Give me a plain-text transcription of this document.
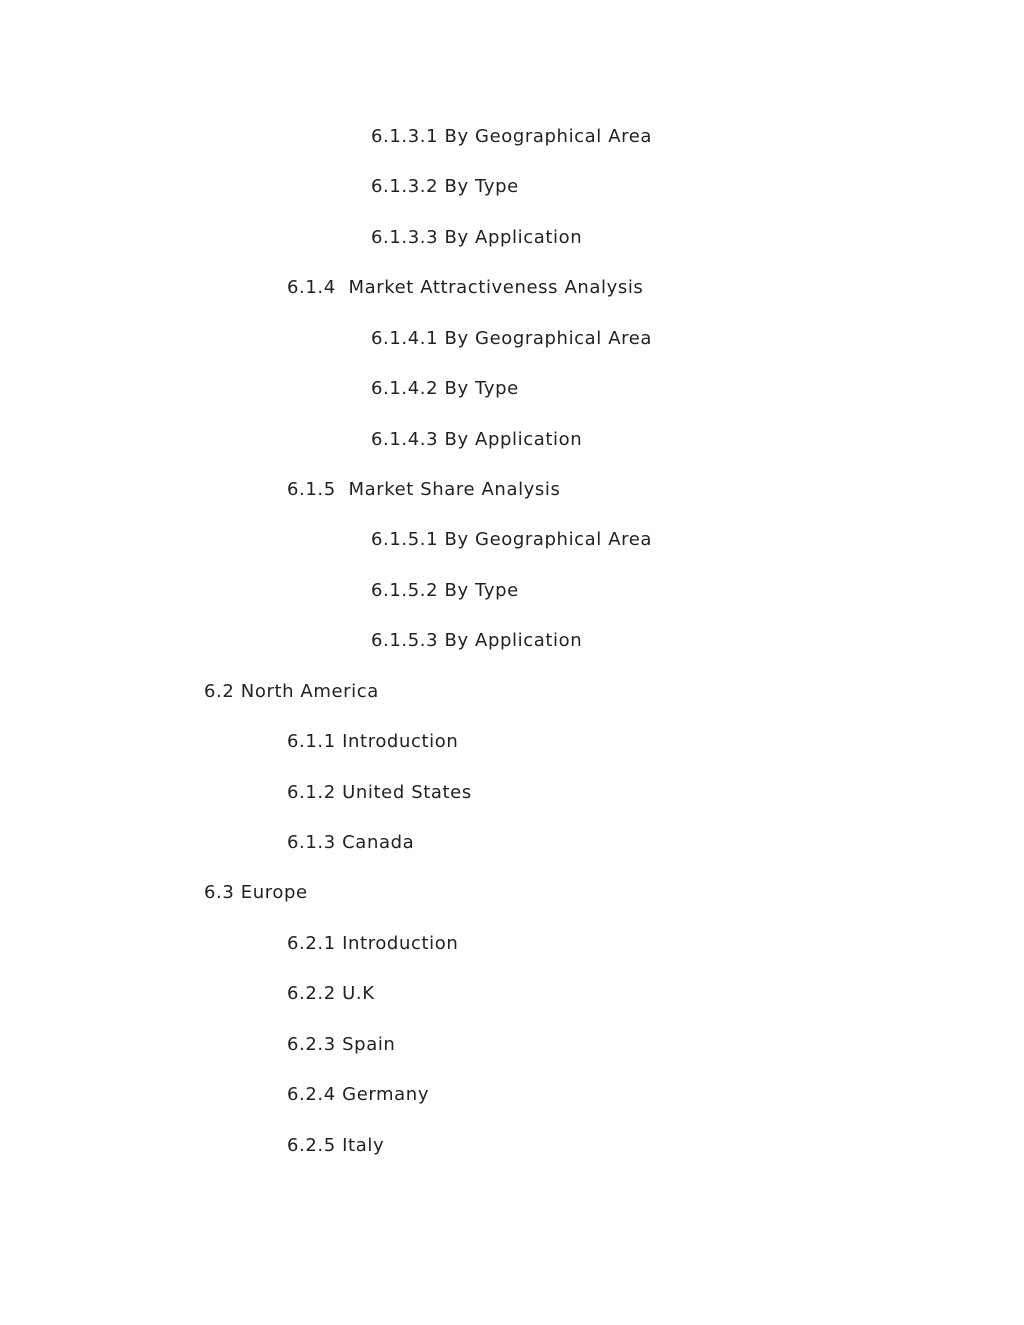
6.1.3.1 By Geographical Area
6.1.3.2 By Type
6.1.3.3 By Application
6.1.4  Market Attractiveness Analysis
6.1.4.1 By Geographical Area
6.1.4.2 By Type
6.1.4.3 By Application
6.1.5  Market Share Analysis
6.1.5.1 By Geographical Area
6.1.5.2 By Type
6.1.5.3 By Application
6.2 North America
6.1.1 Introduction
6.1.2 United States
6.1.3 Canada
6.3 Europe
6.2.1 Introduction
6.2.2 U.K
6.2.3 Spain
6.2.4 Germany
6.2.5 Italy
